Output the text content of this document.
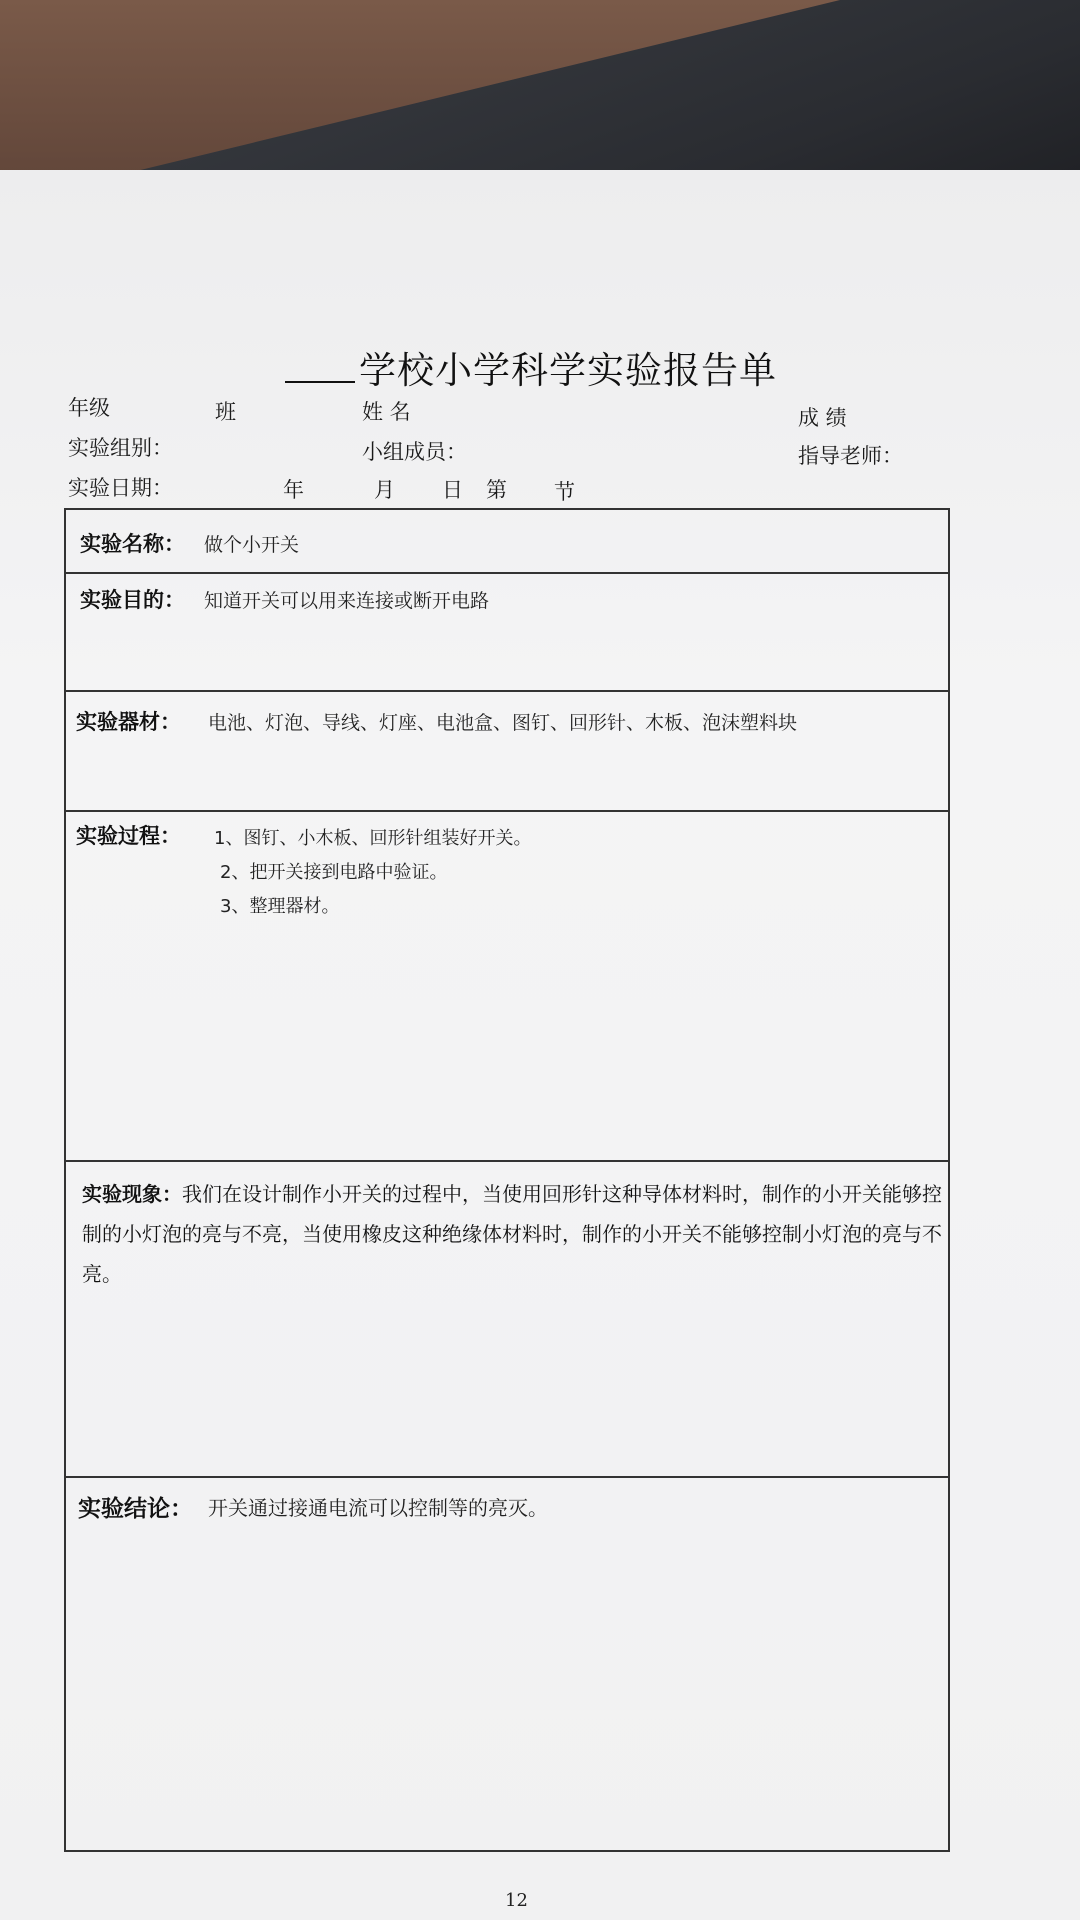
学校小学科学实验报告单
年级	班	姓 名	成 绩
实验组别：	小组成员：	指导老师：
实验日期：	年	月 日 第 节
实验名称： 做个小开关
实验目的： 知道开关可以用来连接或断开电路
实验器材： 电池、灯泡、导线、灯座、电池盒、图钉、回形针、木板、泡沫塑料块
实验过程： 1、图钉、小木板、回形针组装好开关。
2、把开关接到电路中验证。
3、整理器材。
实验现象：我们在设计制作小开关的过程中，当使用回形针这种导体材料时，制作的小开关能够控制的小灯泡的亮与不亮，当使用橡皮这种绝缘体材料时，制作的小开关不能够控制小灯泡的亮与不亮。
实验结论： 开关通过接通电流可以控制等的亮灭。
12
